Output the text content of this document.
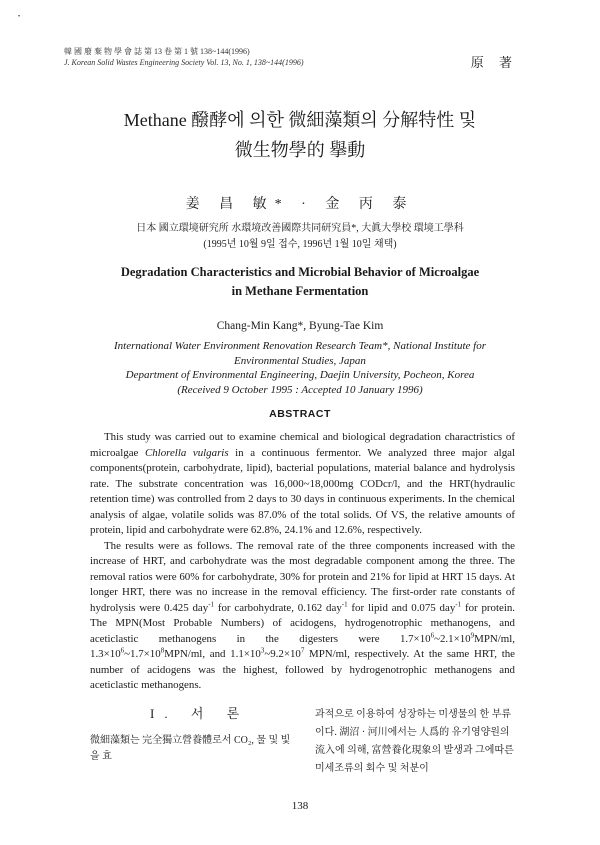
•
韓 國 廢 棄 物 學 會 誌 第 13 卷 第 1 號 138~144(1996)
J. Korean Solid Wastes Engineering Society Vol. 13, No. 1, 138~144(1996)	原 著
Methane 醱酵에 의한 微細藻類의 分解特性 및
微生物學的 擧動
姜 昌 敏* · 金 丙 泰
日本 國立環境研究所 水環境改善國際共同研究員*, 大眞大學校 環境工學科
(1995년 10월 9일 접수, 1996년 1월 10일 채택)
Degradation Characteristics and Microbial Behavior of Microalgae
in Methane Fermentation
Chang-Min Kang*, Byung-Tae Kim
International Water Environment Renovation Research Team*, National Institute for
Environmental Studies, Japan
Department of Environmental Engineering, Daejin University, Pocheon, Korea
(Received 9 October 1995 : Accepted 10 January 1996)
ABSTRACT

This study was carried out to examine chemical and biological degradation charactristics of microalgae Chlorella vulgaris in a continuous fermentor. We analyzed three major algal components(protein, carbohydrate, lipid), bacterial populations, material balance and hydrolysis rate. The substrate concentration was 16,000~18,000mg CODcr/l, and the HRT(hydraulic retention time) was controlled from 2 days to 30 days in continuous experiments. In the chemical analysis of algae, volatile solids was 87.0% of the total solids. Of VS, the relative amounts of protein, lipid and carbohydrate were 62.8%, 24.1% and 12.6%, respectively.

The results were as follows. The removal rate of the three components increased with the increase of HRT, and carbohydrate was the most degradable component among the three. The removal ratios were 60% for carbohydrate, 30% for protein and 21% for lipid at HRT 15 days. At longer HRT, there was no increase in the removal efficiency. The first-order rate constants of hydrolysis were 0.425 day$^{-1}$ for carbohydrate, 0.162 day$^{-1}$ for lipid and 0.075 day$^{-1}$ for protein. The MPN(Most Probable Numbers) of acidogens, hydrogenotrophic methanogens, and aceticlastic methanogens in the digesters were $1.7\times 10^6\sim 2.1\times 10^9MPN/ml$, $1.3\times 10^6\sim 1.7\times 10^8MPN/ml$, and $1.1\times 10^3\sim 9.2\times 10^7$ MPN/ml, respectively. At the same HRT, the number of acidogens was the highest, followed by hydrogenotrophic methanogens and aceticlastic methanogens.

I. 서 론
微細藻類는 完全獨立營養體로서 CO₂, 물 및 빛을 효
과적으로 이용하여 성장하는 미생물의 한 부류이다. 湖沼 · 河川에서는 人爲的 유기영양원의 流入에 의해, 富營養化現象의 발생과 그에따른 미세조류의 회수 및 처분이
138
